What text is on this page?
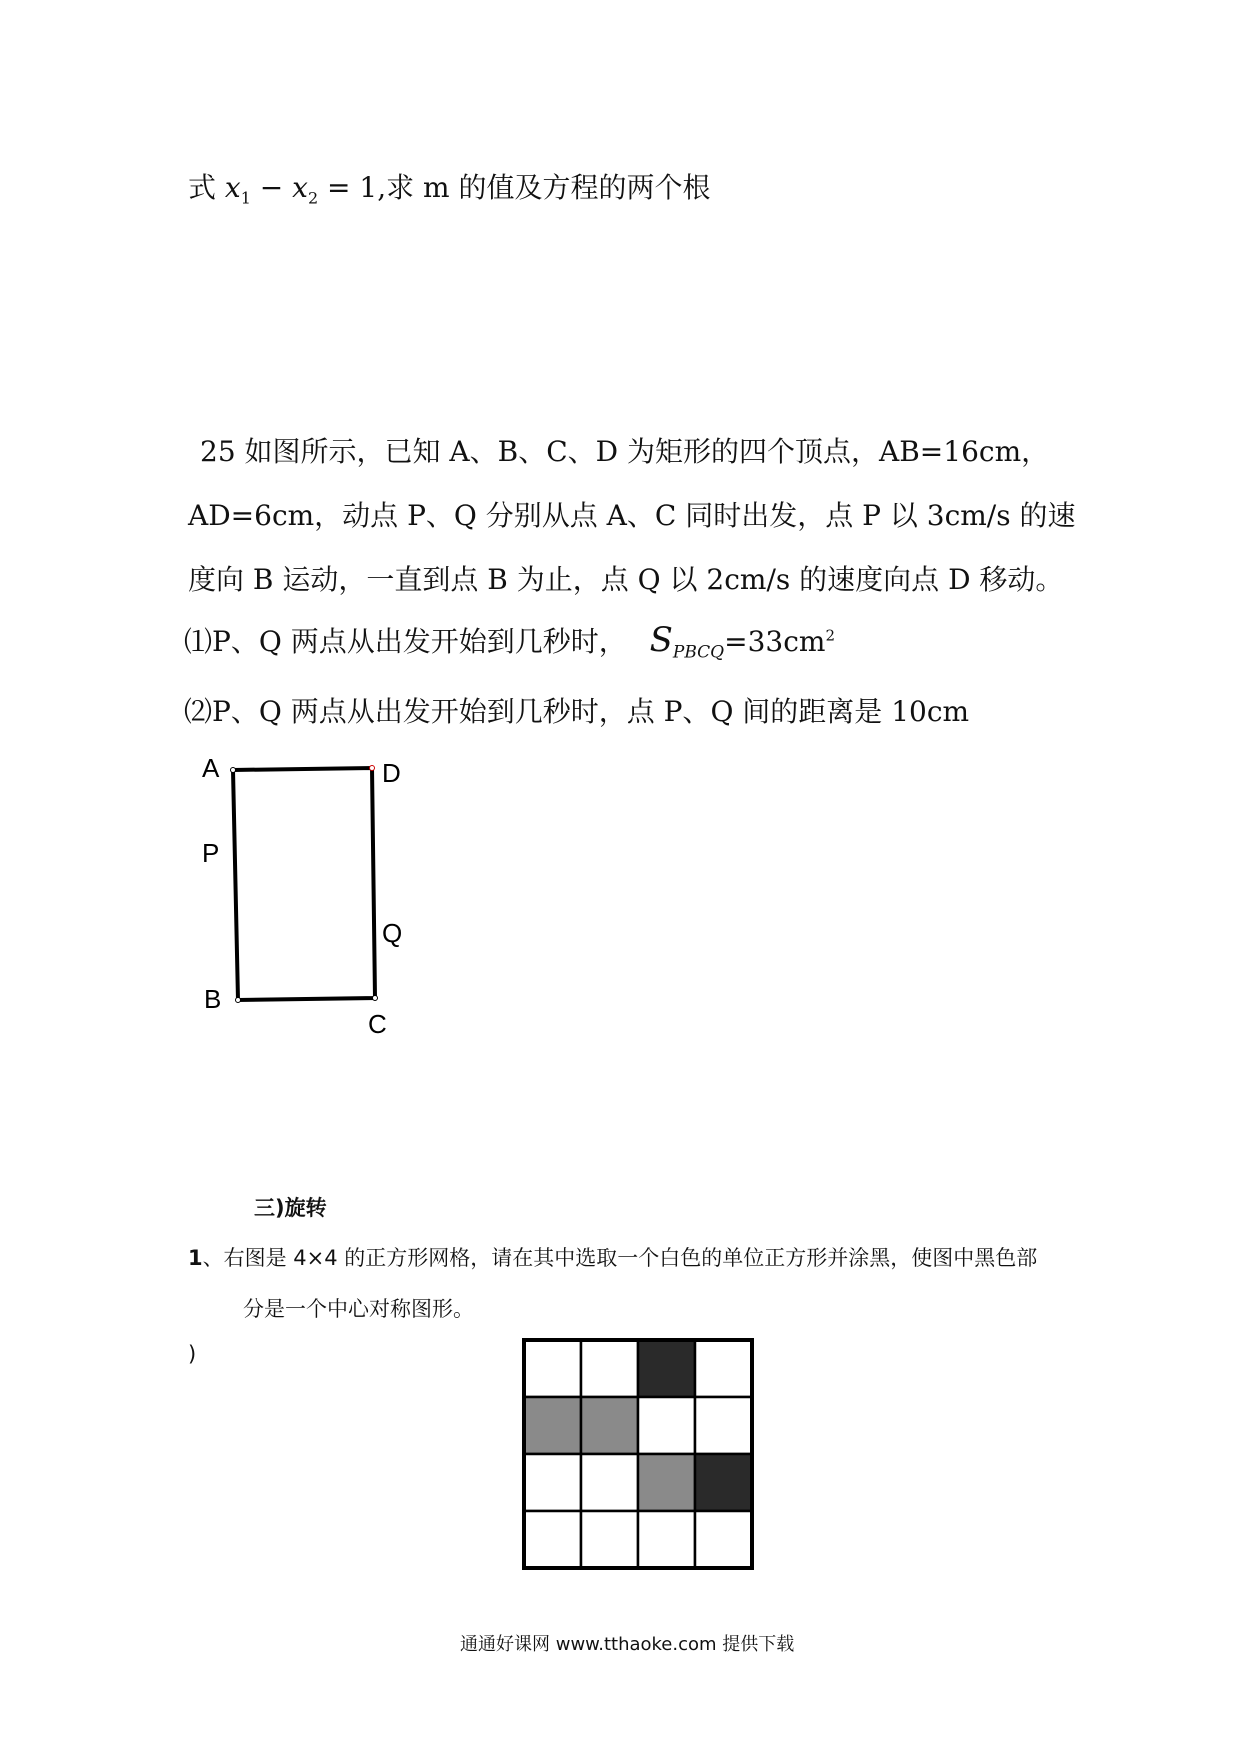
式 $x_1 - x_2 = 1$,求 m 的值及方程的两个根
25 如图所示，已知 A、B、C、D 为矩形的四个顶点，AB=16cm，
AD=6cm，动点 P、Q 分别从点 A、C 同时出发，点 P 以 3cm/s 的速
度向 B 运动，一直到点 B 为止，点 Q 以 2cm/s 的速度向点 D 移动。
⑴P、Q 两点从出发开始到几秒时， $S_{PBCQ}=33cm^2$
⑵P、Q 两点从出发开始到几秒时，点 P、Q 间的距离是 10cm
A	D
P
Q
B
C
三)旋转
1、右图是 4×4 的正方形网格，请在其中选取一个白色的单位正方形并涂黑，使图中黑色部
分是一个中心对称图形。
)
通通好课网 www.tthaoke.com 提供下载
